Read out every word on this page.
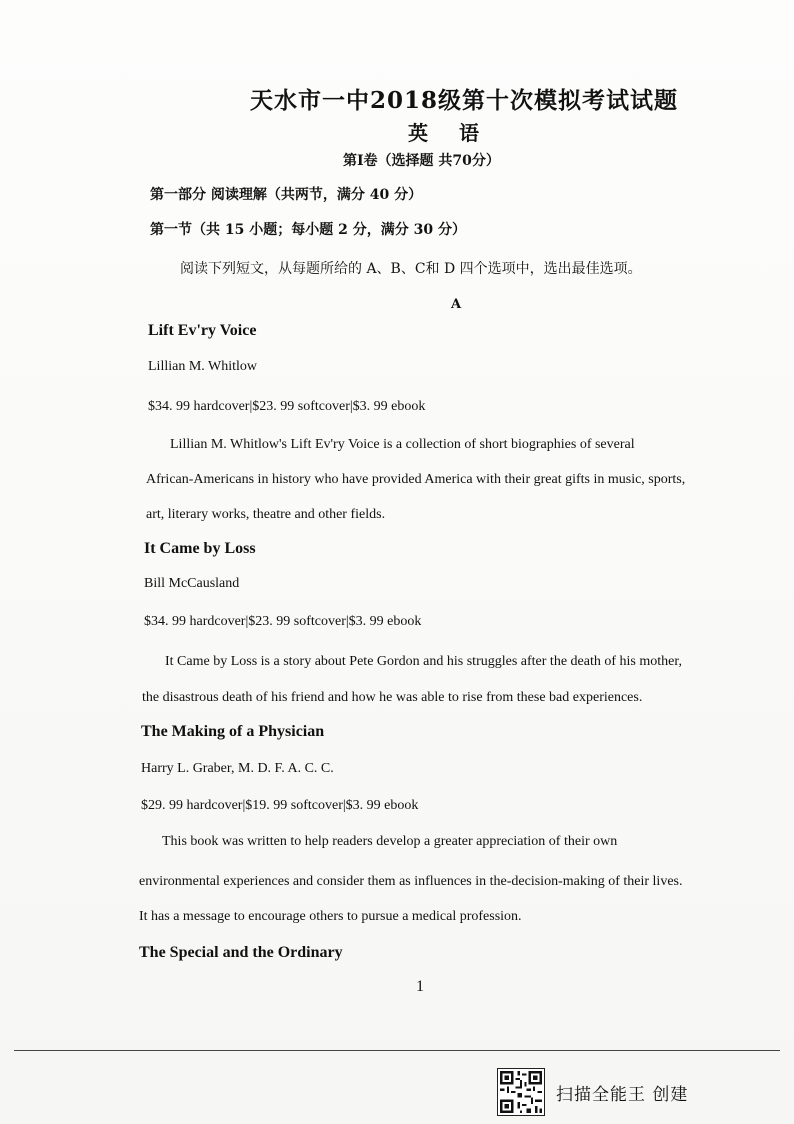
天水市一中2018级第十次模拟考试试题
英 语
第I卷（选择题 共70分）
第一部分 阅读理解（共两节，满分 40 分）
第一节（共 15 小题；每小题 2 分，满分 30 分）
阅读下列短文，从每题所给的 A、B、C和 D 四个选项中，选出最佳选项。
A
Lift Ev'ry Voice
Lillian M. Whitlow
$34. 99 hardcover|$23. 99 softcover|$3. 99 ebook
Lillian M. Whitlow's Lift Ev'ry Voice is a collection of short biographies of several
African-Americans in history who have provided America with their great gifts in music, sports,
art, literary works, theatre and other fields.
It Came by Loss
Bill McCausland
$34. 99 hardcover|$23. 99 softcover|$3. 99 ebook
It Came by Loss is a story about Pete Gordon and his struggles after the death of his mother,
the disastrous death of his friend and how he was able to rise from these bad experiences.
The Making of a Physician
Harry L. Graber, M. D. F. A. C. C.
$29. 99 hardcover|$19. 99 softcover|$3. 99 ebook
This book was written to help readers develop a greater appreciation of their own
environmental experiences and consider them as influences in the-decision-making of their lives.
It has a message to encourage others to pursue a medical profession.
The Special and the Ordinary
1
扫描全能王 创建
